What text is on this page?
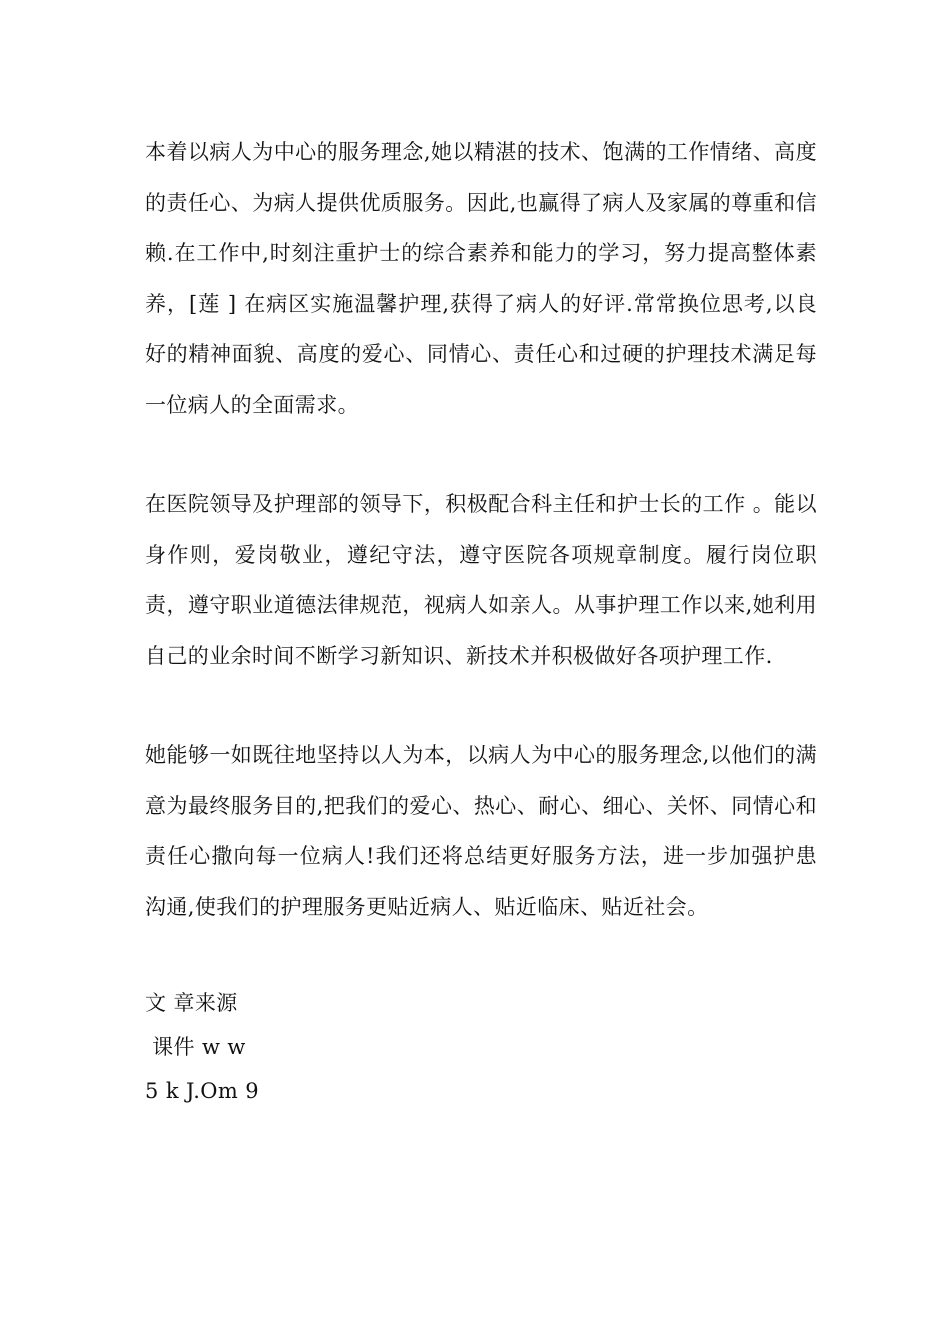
本着以病人为中心的服务理念,她以精湛的技术、饱满的工作情绪、高度的责任心、为病人提供优质服务。因此,也赢得了病人及家属的尊重和信赖.在工作中,时刻注重护士的综合素养和能力的学习，努力提高整体素养，[莲 ] 在病区实施温馨护理,获得了病人的好评.常常换位思考,以良好的精神面貌、高度的爱心、同情心、责任心和过硬的护理技术满足每一位病人的全面需求。

在医院领导及护理部的领导下，积极配合科主任和护士长的工作 。能以身作则，爱岗敬业，遵纪守法，遵守医院各项规章制度。履行岗位职责，遵守职业道德法律规范，视病人如亲人。从事护理工作以来,她利用自己的业余时间不断学习新知识、新技术并积极做好各项护理工作.

她能够一如既往地坚持以人为本，以病人为中心的服务理念,以他们的满意为最终服务目的,把我们的爱心、热心、耐心、细心、关怀、同情心和责任心撒向每一位病人!我们还将总结更好服务方法，进一步加强护患沟通,使我们的护理服务更贴近病人、贴近临床、贴近社会。

文 章来源
课件 w w
5 k J.Om 9
